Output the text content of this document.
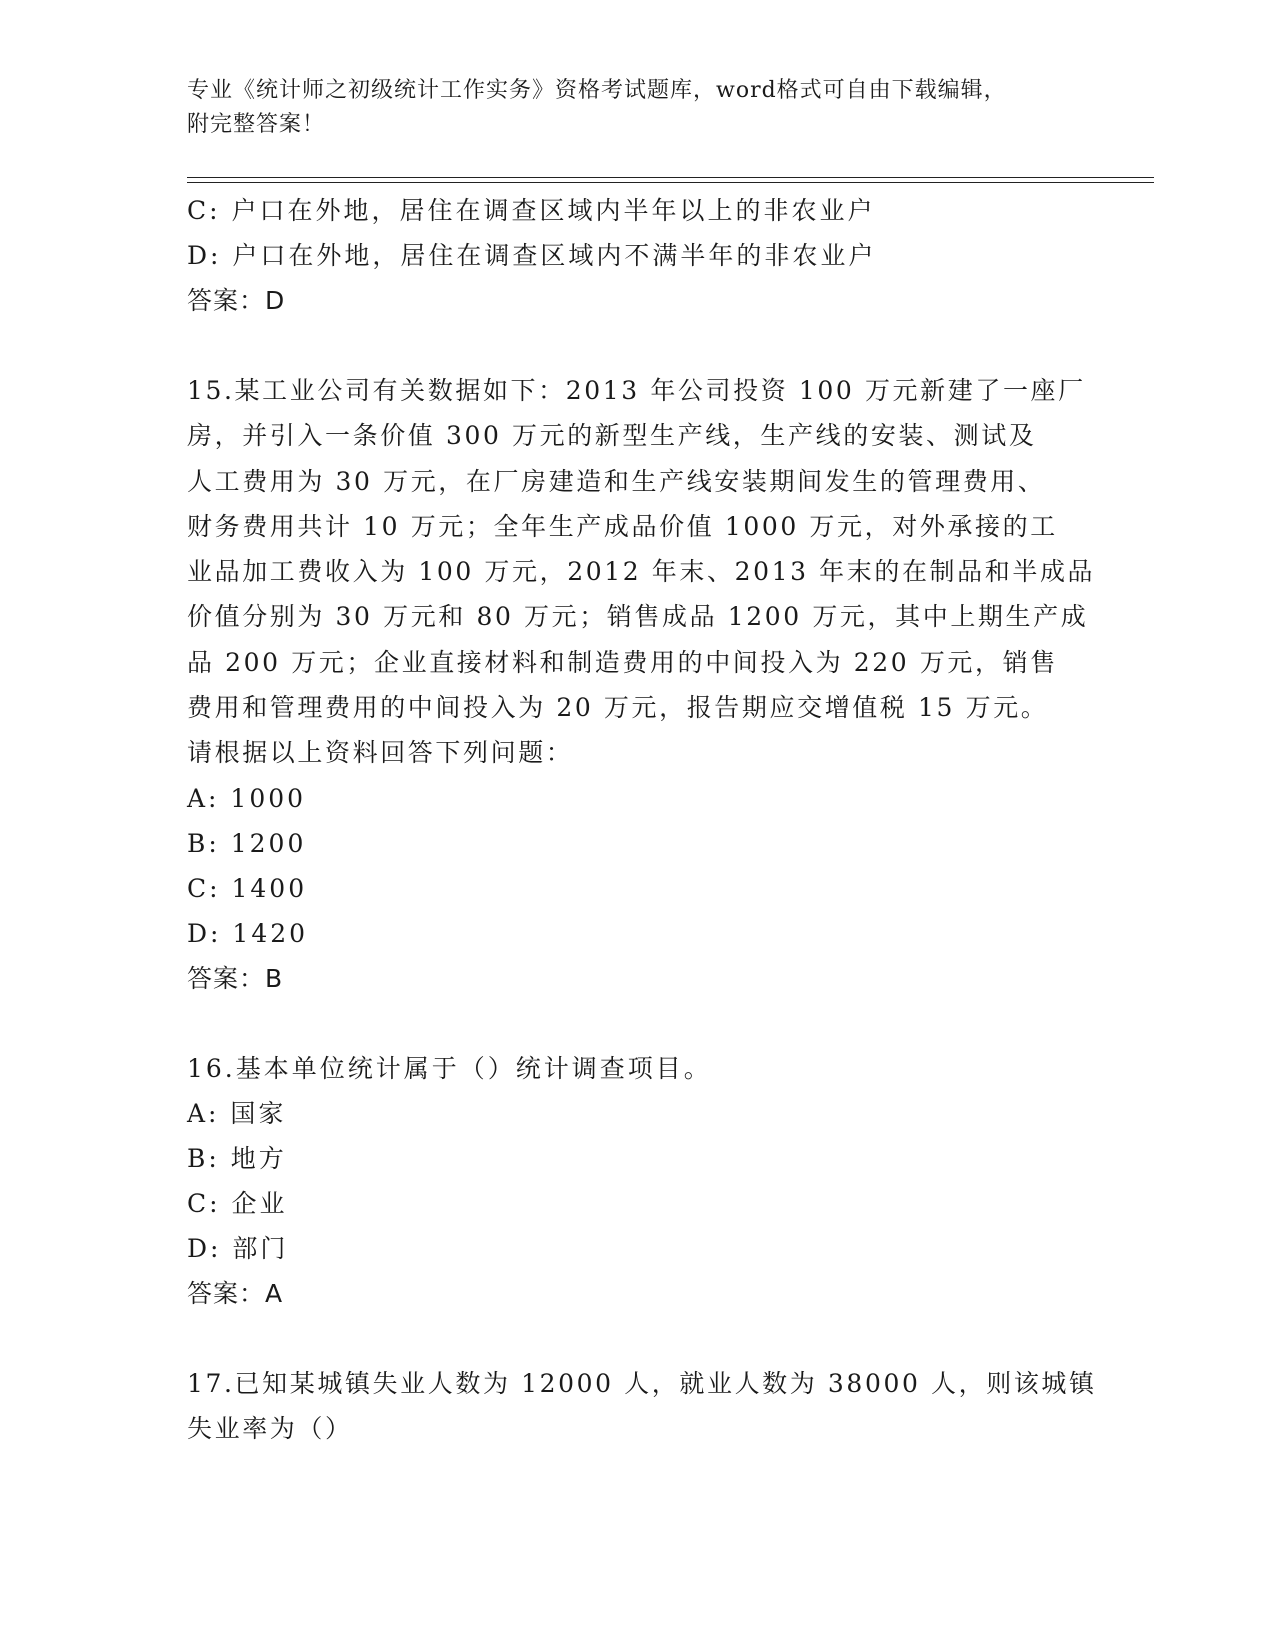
专业《统计师之初级统计工作实务》资格考试题库，word格式可自由下载编辑，
附完整答案！
C: 户口在外地，居住在调查区域内半年以上的非农业户
D: 户口在外地，居住在调查区域内不满半年的非农业户
答案：D
15.某工业公司有关数据如下：2013 年公司投资 100 万元新建了一座厂
房，并引入一条价值 300 万元的新型生产线，生产线的安装、测试及
人工费用为 30 万元，在厂房建造和生产线安装期间发生的管理费用、
财务费用共计 10 万元；全年生产成品价值 1000 万元，对外承接的工
业品加工费收入为 100 万元，2012 年末、2013 年末的在制品和半成品
价值分别为 30 万元和 80 万元；销售成品 1200 万元，其中上期生产成
品 200 万元；企业直接材料和制造费用的中间投入为 220 万元，销售
费用和管理费用的中间投入为 20 万元，报告期应交增值税 15 万元。
请根据以上资料回答下列问题：
A: 1000
B: 1200
C: 1400
D: 1420
答案：B
16.基本单位统计属于（）统计调查项目。
A: 国家
B: 地方
C: 企业
D: 部门
答案：A
17.已知某城镇失业人数为 12000 人，就业人数为 38000 人，则该城镇
失业率为（）
